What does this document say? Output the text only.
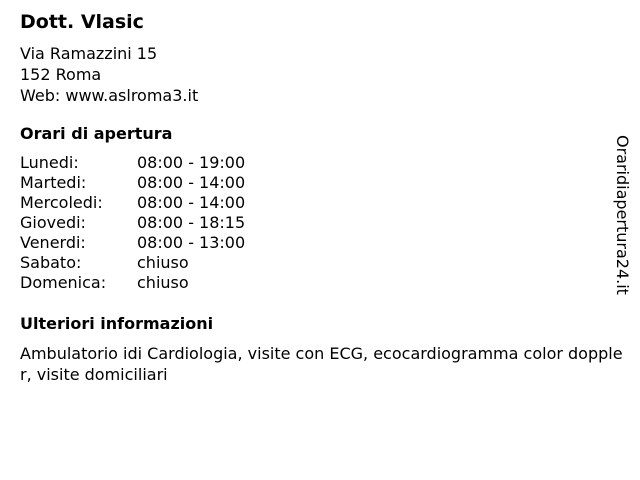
Dott. Vlasic
Via Ramazzini 15
152 Roma
Web: www.aslroma3.it
Orari di apertura
Lunedi:	08:00 - 19:00
Martedi:	08:00 - 14:00
Mercoledi: 08:00 - 14:00
Giovedi:	08:00 - 18:15
Venerdi:	08:00 - 13:00
Sabato:	chiuso
Domenica: chiuso
Ulteriori informazioni
Ambulatorio idi Cardiologia, visite con ECG, ecocardiogramma color doppler, visite domiciliari
Oraridiapertura24.it
